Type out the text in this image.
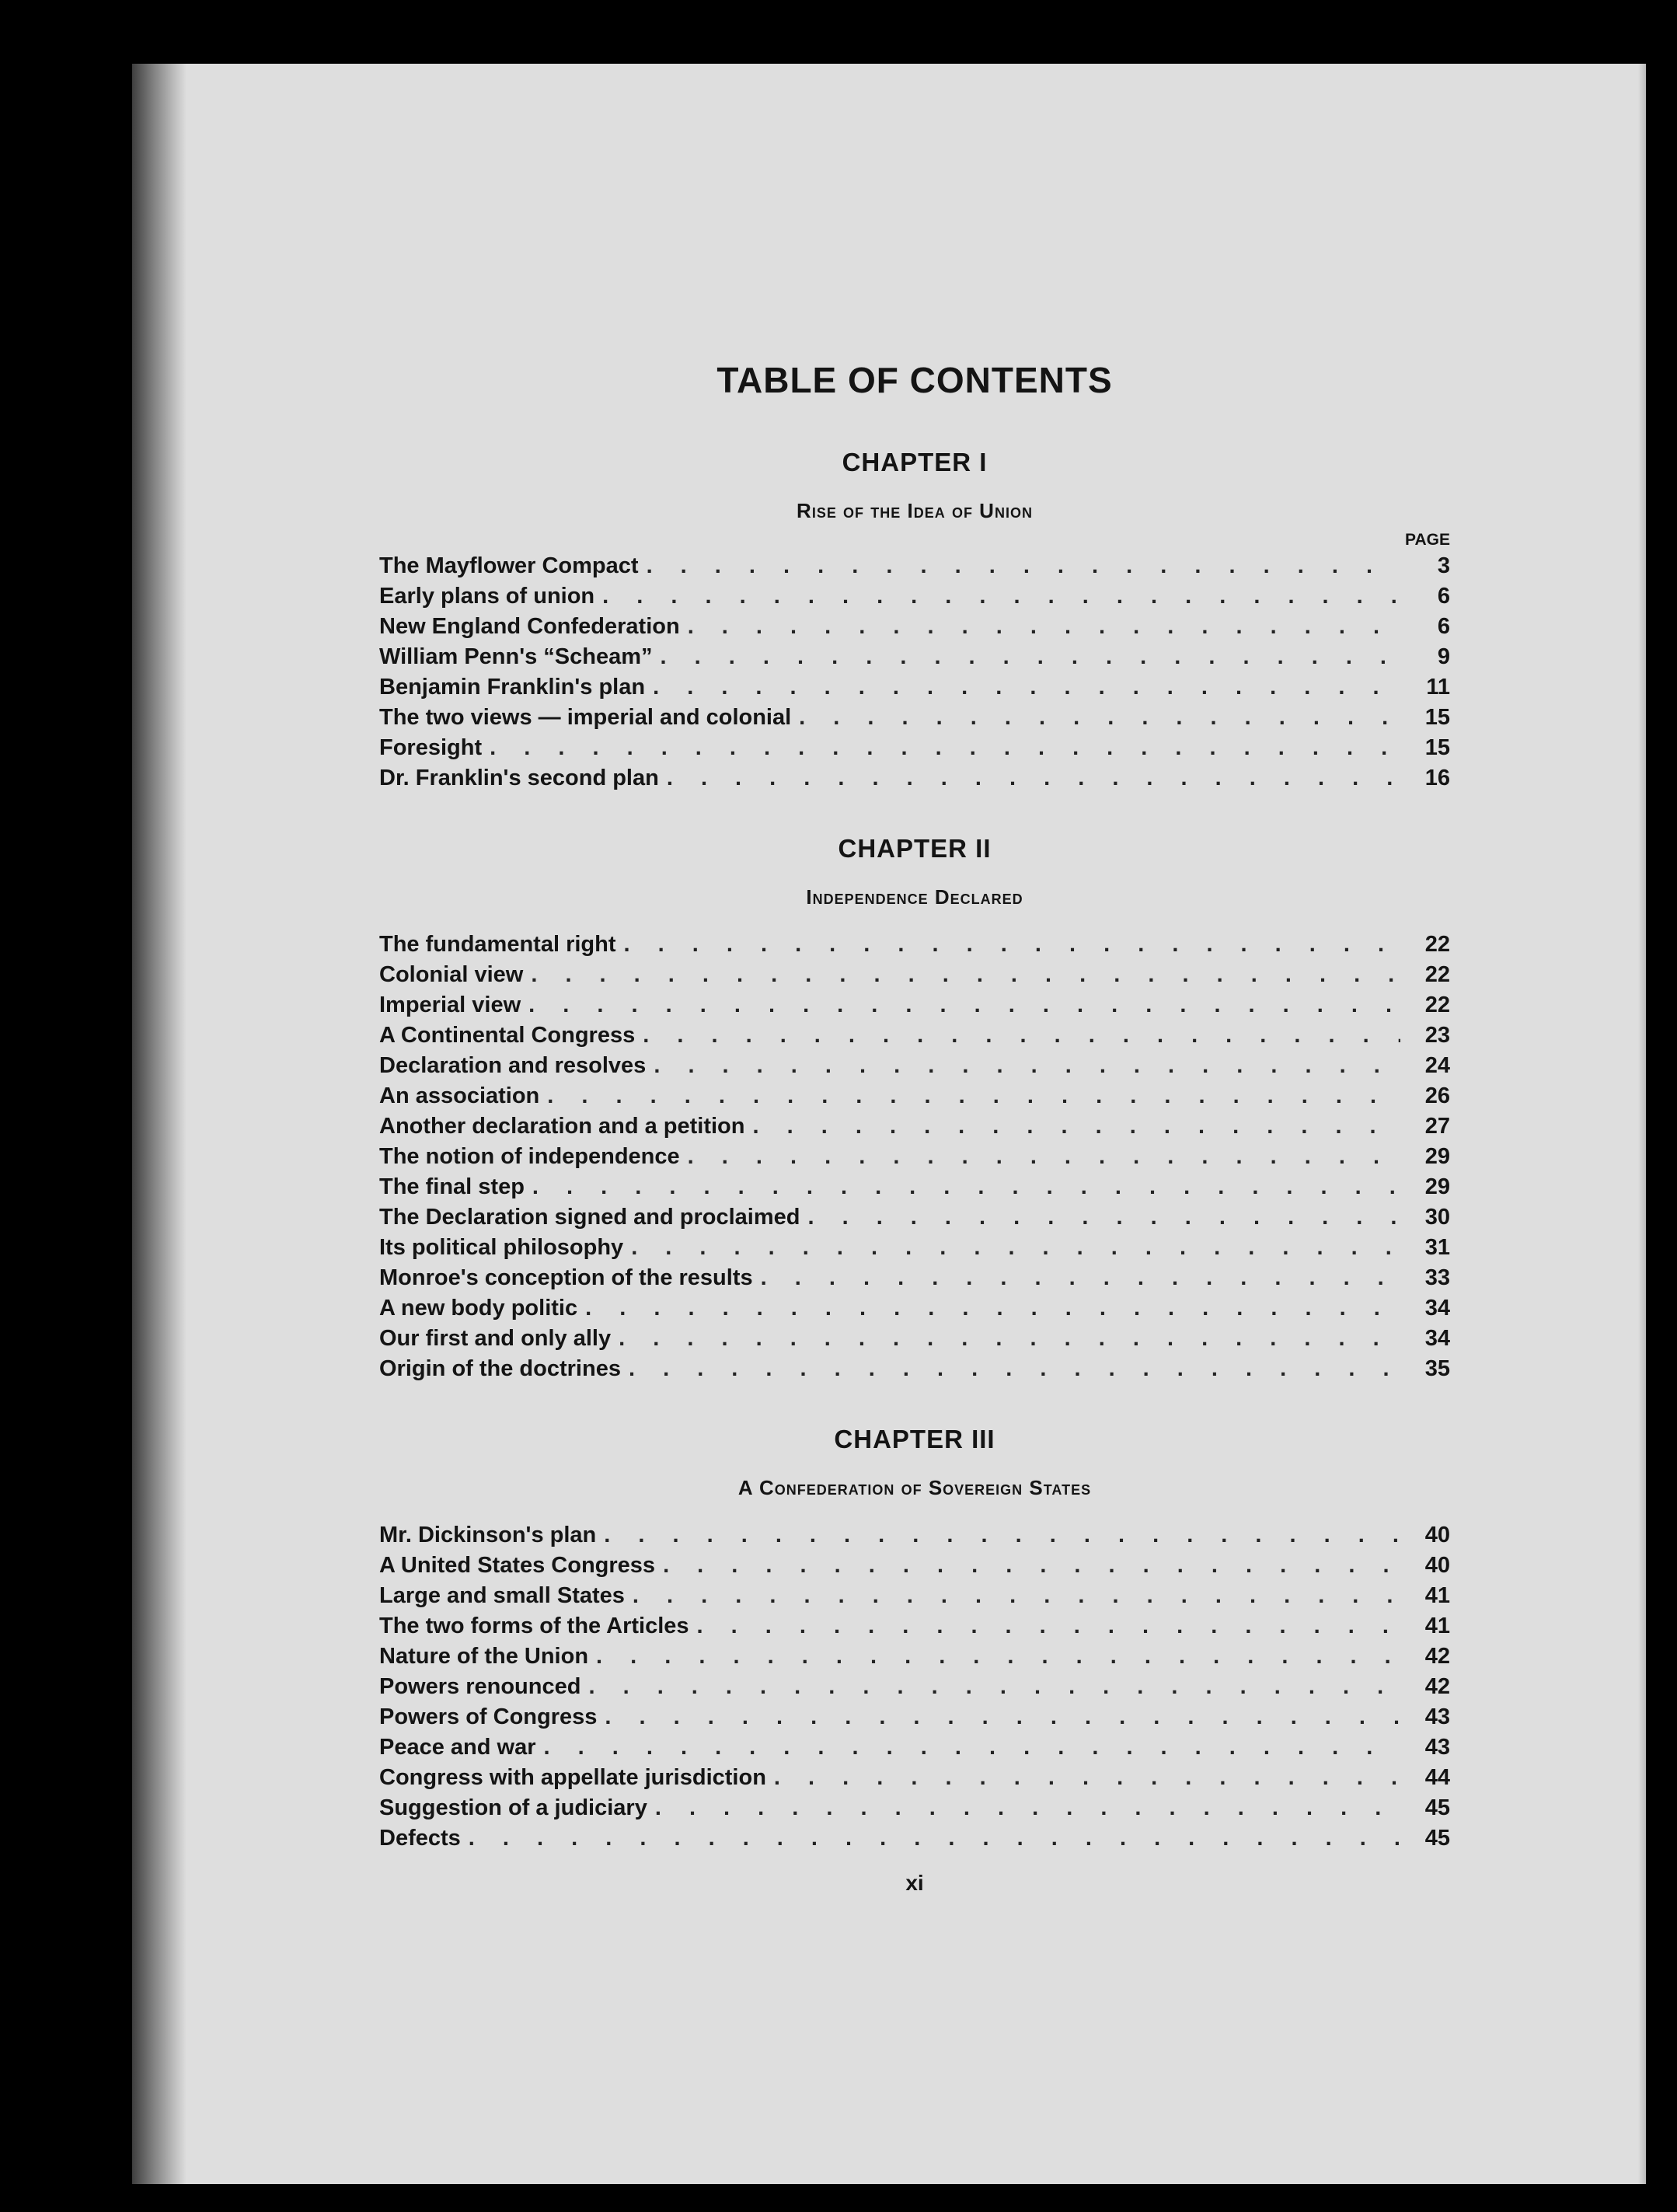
TABLE OF CONTENTS
CHAPTER I
Rise of the Idea of Union

PAGE

The Mayflower Compact . . .	3
Early plans of union . . .	6
New England Confederation . . .	6
William Penn's “Scheam” . . .	9
Benjamin Franklin's plan . . .	11
The two views — imperial and colonial . . .	15
Foresight . . .	15
Dr. Franklin's second plan . . .	16
CHAPTER II
Independence Declared
The fundamental right . . .	22
Colonial view . . .	22
Imperial view . . .	22
A Continental Congress . . .	23
Declaration and resolves . . .	24
An association . . .	26
Another declaration and a petition . . .	27
The notion of independence . . .	29
The final step . . .	29
The Declaration signed and proclaimed . . .	30
Its political philosophy . . .	31
Monroe's conception of the results . . .	33
A new body politic . . .	34
Our first and only ally . . .	34
Origin of the doctrines . . .	35
CHAPTER III
A Confederation of Sovereign States
Mr. Dickinson's plan . . .	40
A United States Congress . . .	40
Large and small States . . .	41
The two forms of the Articles . . .	41
Nature of the Union . . .	42
Powers renounced . . .	42
Powers of Congress . . .	43
Peace and war . . .	43
Congress with appellate jurisdiction . . .	44
Suggestion of a judiciary . . .	45
Defects . . .	45
xi
